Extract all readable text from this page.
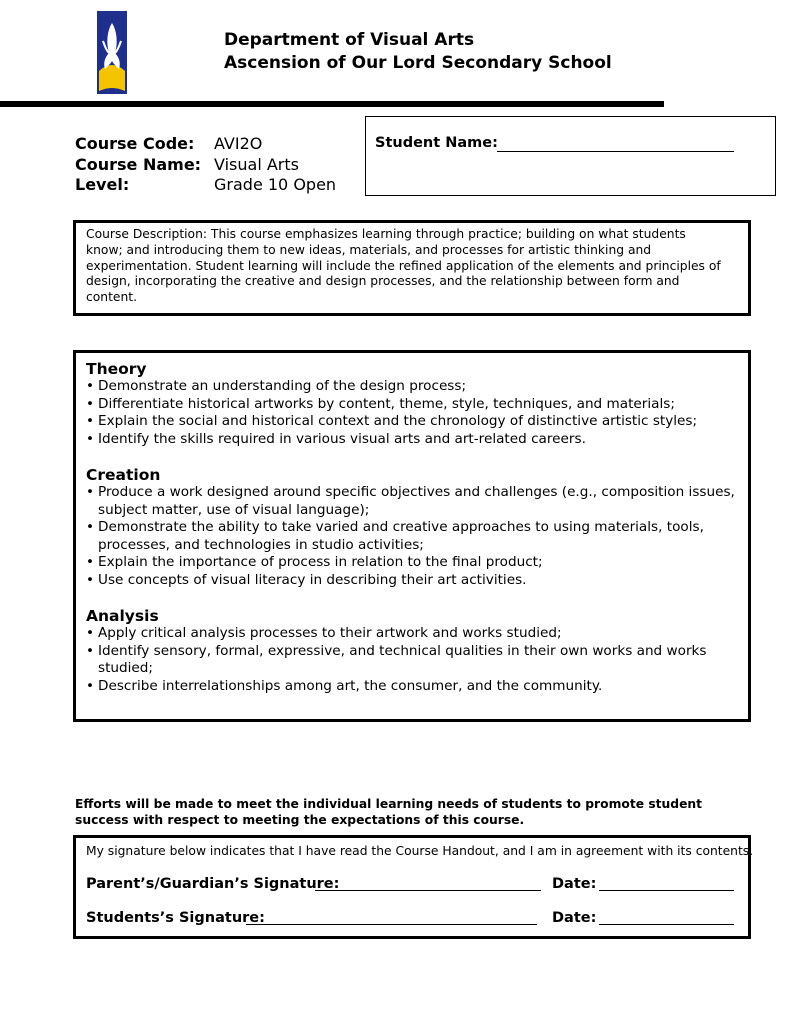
Department of Visual Arts
Ascension of Our Lord Secondary School
Course Code:	AVI2O
Course Name: Visual Arts
Level:	Grade 10 Open
Student Name:
Course Description: This course emphasizes learning through practice; building on what students know; and introducing them to new ideas, materials, and processes for artistic thinking and experimentation. Student learning will include the refined application of the elements and principles of design, incorporating the creative and design processes, and the relationship between form and content.
Theory
• Demonstrate an understanding of the design process;
• Differentiate historical artworks by content, theme, style, techniques, and materials;
• Explain the social and historical context and the chronology of distinctive artistic styles;
• Identify the skills required in various visual arts and art-related careers.
Creation
• Produce a work designed around specific objectives and challenges (e.g., composition issues, subject matter, use of visual language);
• Demonstrate the ability to take varied and creative approaches to using materials, tools, processes, and technologies in studio activities;
• Explain the importance of process in relation to the final product;
• Use concepts of visual literacy in describing their art activities.
Analysis
• Apply critical analysis processes to their artwork and works studied;
• Identify sensory, formal, expressive, and technical qualities in their own works and works studied;
• Describe interrelationships among art, the consumer, and the community.
Efforts will be made to meet the individual learning needs of students to promote student success with respect to meeting the expectations of this course.
My signature below indicates that I have read the Course Handout, and I am in agreement with its contents.
Parent’s/Guardian’s Signature:	Date:
Students’s Signature:	Date:
